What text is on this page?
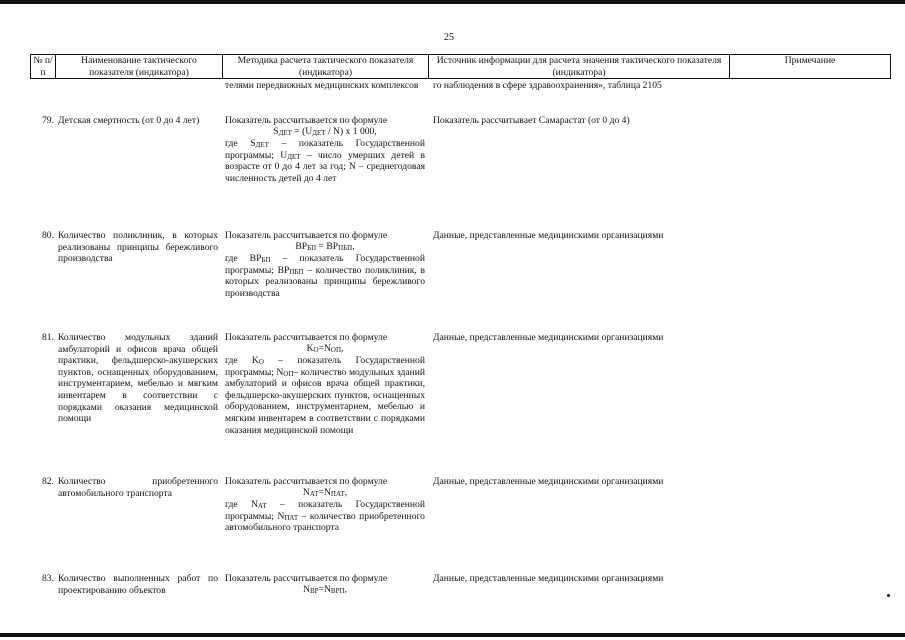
25
№ п/п
Наименование тактического показателя (индикатора)
Методика расчета тактического показателя (индикатора)
Источник информации для расчета значения тактического показателя (индикатора)
Примечание
телями передвижных медицинских комплексов	го наблюдения в сфере здравоохранения», таблица 2105
79. Детская смертность (от 0 до 4 лет)	Показатель рассчитывается по формуле
$S_{ДЕТ} = (U_{ДЕТ} / N)$ х 1 000,
где $S_{ДЕТ}$ – показатель Государственной программы; $U_{ДЕТ}$ – число умерших детей в возрасте от 0 до 4 лет за год; N – среднегодовая численность детей до 4 лет
Показатель рассчитывает Самарастат (от 0 до 4)
80. Количество поликлиник, в которых реализованы принципы бережливого производства
Показатель рассчитывается по формуле
$BP_{БП} = BP_{ПБП}$,
где $BP_{БП}$ – показатель Государственной программы; $BP_{ПБП}$ – количество поликлиник, в которых реализованы принципы бережливого производства
Данные, представленные медицинскими организациями
81. Количество модульных зданий амбулаторий и офисов врача общей практики, фельдшерско-акушерских пунктов, оснащенных оборудованием, инструментарием, мебелью и мягким инвентарем в соответствии с порядками оказания медицинской помощи
Показатель рассчитывается по формуле
$K_О=N_{ОП}$,
где $K_О$ – показатель Государственной программы; $N_{ОП}-$ количество модульных зданий амбулаторий и офисов врача общей практики, фельдшерско-акушерских пунктов, оснащенных оборудованием, инструментарием, мебелью и мягким инвентарем в соответствии с порядками оказания медицинской помощи
Данные, представленные медицинскими организациями
82. Количество приобретенного автомобильного транспорта
Показатель рассчитывается по формуле
$N_{АТ}=N_{ПАТ}$,
где $N_{АТ}$ – показатель Государственной программы; $N_{ПАТ}$ – количество приобретенного автомобильного транспорта
Данные, представленные медицинскими организациями
83. Количество выполненных работ по проектированию объектов
Показатель рассчитывается по формуле
$N_{ВР}=N_{ВРП}$,
Данные, представленные медицинскими организациями
